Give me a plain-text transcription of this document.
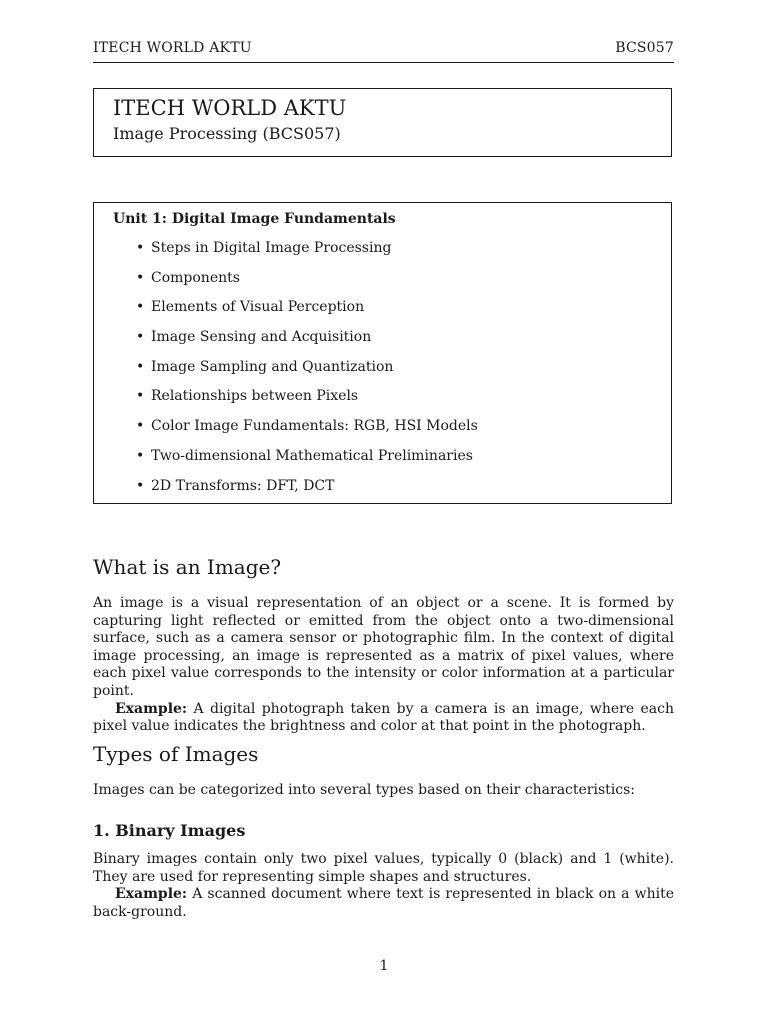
ITECH WORLD AKTU	BCS057
ITECH WORLD AKTU
Image Processing (BCS057)
Unit 1: Digital Image Fundamentals
• Steps in Digital Image Processing
• Components
• Elements of Visual Perception
• Image Sensing and Acquisition
• Image Sampling and Quantization
• Relationships between Pixels
• Color Image Fundamentals: RGB, HSI Models
• Two-dimensional Mathematical Preliminaries
• 2D Transforms: DFT, DCT
What is an Image?
An image is a visual representation of an object or a scene. It is formed by capturing light reflected or emitted from the object onto a two-dimensional surface, such as a camera sensor or photographic film. In the context of digital image processing, an image is represented as a matrix of pixel values, where each pixel value corresponds to the intensity or color information at a particular point.
Example: A digital photograph taken by a camera is an image, where each pixel value indicates the brightness and color at that point in the photograph.
Types of Images
Images can be categorized into several types based on their characteristics:
1. Binary Images
Binary images contain only two pixel values, typically 0 (black) and 1 (white). They are used for representing simple shapes and structures.
Example: A scanned document where text is represented in black on a white back-ground.
1
